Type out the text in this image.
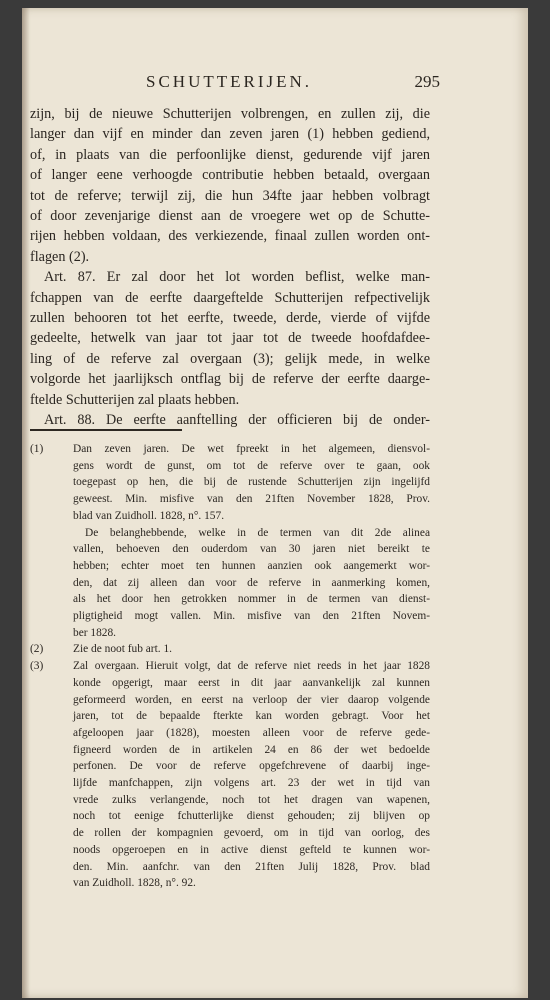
SCHUTTERIJEN.	295
zijn, bij de nieuwe Schutterijen volbrengen, en zullen zij, die
langer dan vijf en minder dan zeven jaren (1) hebben gediend,
of, in plaats van die perfoonlijke dienst, gedurende vijf jaren
of langer eene verhoogde contributie hebben betaald, overgaan
tot de referve; terwijl zij, die hun 34fte jaar hebben volbragt
of door zevenjarige dienst aan de vroegere wet op de Schutte-
rijen hebben voldaan, des verkiezende, finaal zullen worden ont-
flagen (2).
Art. 87. Er zal door het lot worden beflist, welke man-
fchappen van de eerfte daargeftelde Schutterijen refpectivelijk
zullen behooren tot het eerfte, tweede, derde, vierde of vijfde
gedeelte, hetwelk van jaar tot jaar tot de tweede hoofdafdee-
ling of de referve zal overgaan (3); gelijk mede, in welke
volgorde het jaarlijksch ontflag bij de referve der eerfte daarge-
ftelde Schutterijen zal plaats hebben.
Art. 88. De eerfte aanftelling der officieren bij de onder-
(1)	Dan zeven jaren. De wet fpreekt in het algemeen, diensvol-
gens wordt de gunst, om tot de referve over te gaan, ook
toegepast op hen, die bij de rustende Schutterijen zijn ingelijfd
geweest. Min. misfive van den 21ften November 1828, Prov.
blad van Zuidholl. 1828, n°. 157.
De belanghebbende, welke in de termen van dit 2de alinea
vallen, behoeven den ouderdom van 30 jaren niet bereikt te
hebben; echter moet ten hunnen aanzien ook aangemerkt wor-
den, dat zij alleen dan voor de referve in aanmerking komen,
als het door hen getrokken nommer in de termen van dienst-
pligtigheid mogt vallen. Min. misfive van den 21ften Novem-
ber 1828.
(2)	Zie de noot fub art. 1.
(3)	Zal overgaan. Hieruit volgt, dat de referve niet reeds in het jaar 1828
konde opgerigt, maar eerst in dit jaar aanvankelijk zal kunnen
geformeerd worden, en eerst na verloop der vier daarop volgende
jaren, tot de bepaalde fterkte kan worden gebragt. Voor het
afgeloopen jaar (1828), moesten alleen voor de referve gede-
figneerd worden de in artikelen 24 en 86 der wet bedoelde
perfonen. De voor de referve opgefchrevene of daarbij inge-
lijfde manfchappen, zijn volgens art. 23 der wet in tijd van
vrede zulks verlangende, noch tot het dragen van wapenen,
noch tot eenige fchutterlijke dienst gehouden; zij blijven op
de rollen der kompagnien gevoerd, om in tijd van oorlog, des
noods opgeroepen en in active dienst gefteld te kunnen wor-
den. Min. aanfchr. van den 21ften Julij 1828, Prov. blad
van Zuidholl. 1828, n°. 92.
